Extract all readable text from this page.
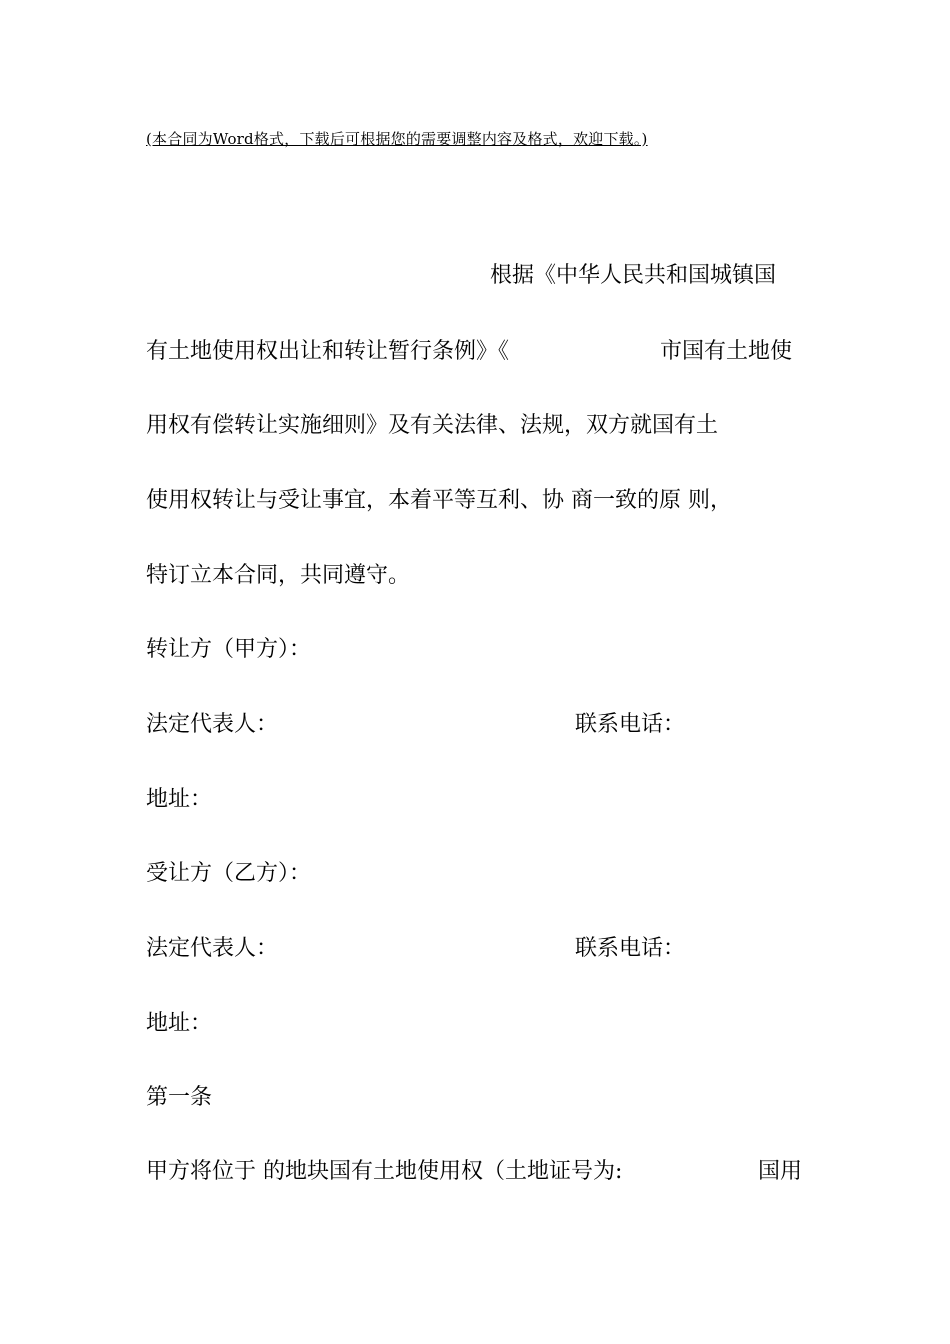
(本合同为Word格式，下载后可根据您的需要调整内容及格式，欢迎下载。)
根据《中华人民共和国城镇国
有土地使用权出让和转让暂行条例》《	市国有土地使
用权有偿转让实施细则》及有关法律、法规，双方就国有土
使用权转让与受让事宜，本着平等互利、协 商一致的原 则，
特订立本合同，共同遵守。
转让方（甲方）：
法定代表人：	联系电话：
地址：
受让方（乙方）：
法定代表人：	联系电话：
地址：
第一条
甲方将位于 的地块国有土地使用权（土地证号为:	国用
